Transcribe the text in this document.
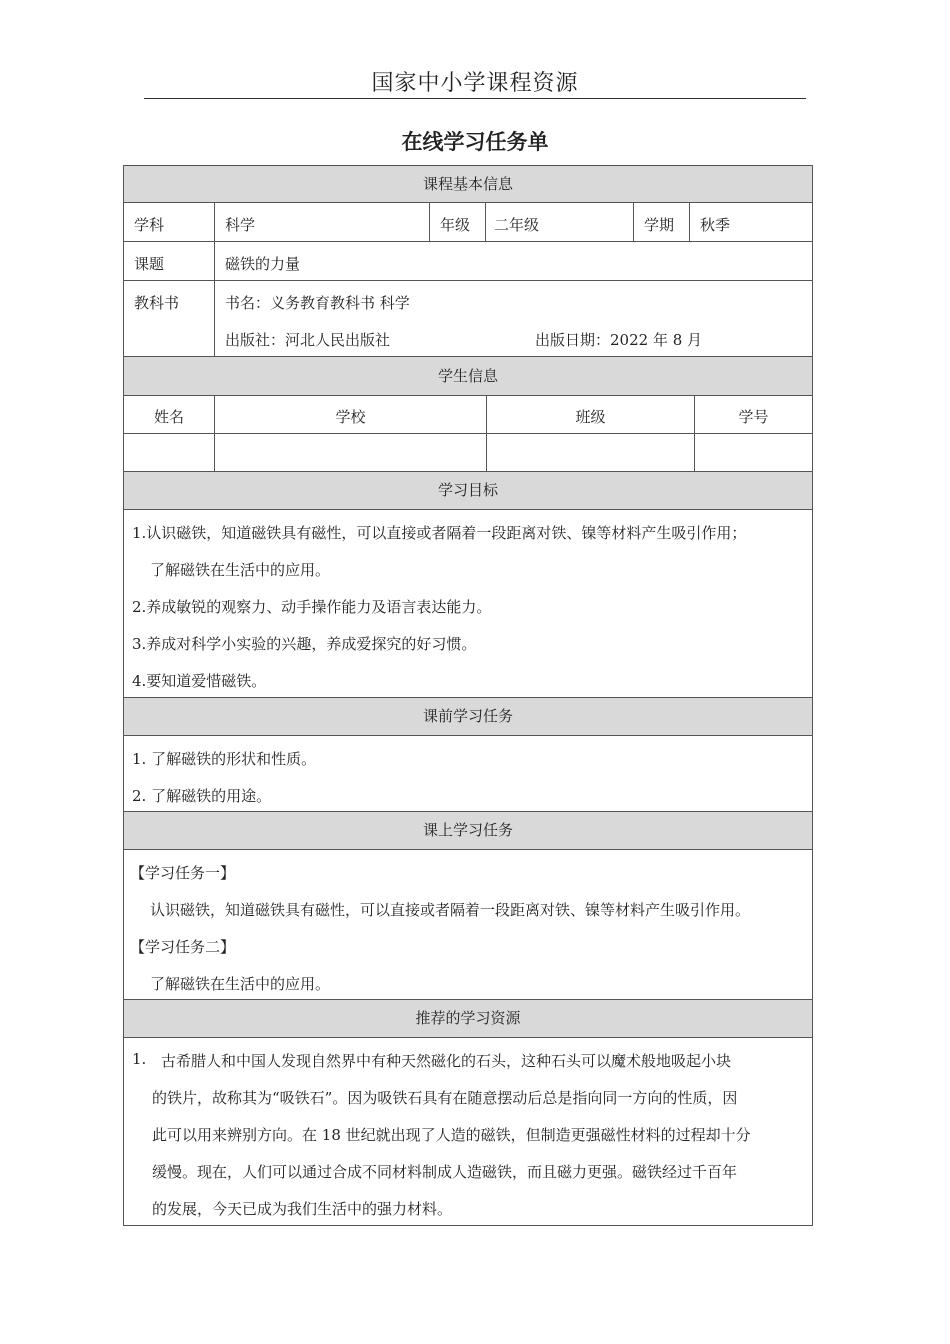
国家中小学课程资源
在线学习任务单
课程基本信息
学科	科学	年级	二年级	学期	秋季
课题	磁铁的力量
教科书	书名：义务教育教科书 科学
出版社：河北人民出版社	出版日期：2022 年 8 月
学生信息
姓名	学校	班级	学号
学习目标
1.认识磁铁，知道磁铁具有磁性，可以直接或者隔着一段距离对铁、镍等材料产生吸引作用；
了解磁铁在生活中的应用。
2.养成敏锐的观察力、动手操作能力及语言表达能力。
3.养成对科学小实验的兴趣，养成爱探究的好习惯。
4.要知道爱惜磁铁。
课前学习任务
1. 了解磁铁的形状和性质。
2. 了解磁铁的用途。
课上学习任务
【学习任务一】
认识磁铁，知道磁铁具有磁性，可以直接或者隔着一段距离对铁、镍等材料产生吸引作用。
【学习任务二】
了解磁铁在生活中的应用。
推荐的学习资源
1. 古希腊人和中国人发现自然界中有种天然磁化的石头，这种石头可以魔术般地吸起小块
的铁片，故称其为“吸铁石”。因为吸铁石具有在随意摆动后总是指向同一方向的性质，因
此可以用来辨别方向。在 18 世纪就出现了人造的磁铁，但制造更强磁性材料的过程却十分
缓慢。现在，人们可以通过合成不同材料制成人造磁铁，而且磁力更强。磁铁经过千百年
的发展，今天已成为我们生活中的强力材料。
